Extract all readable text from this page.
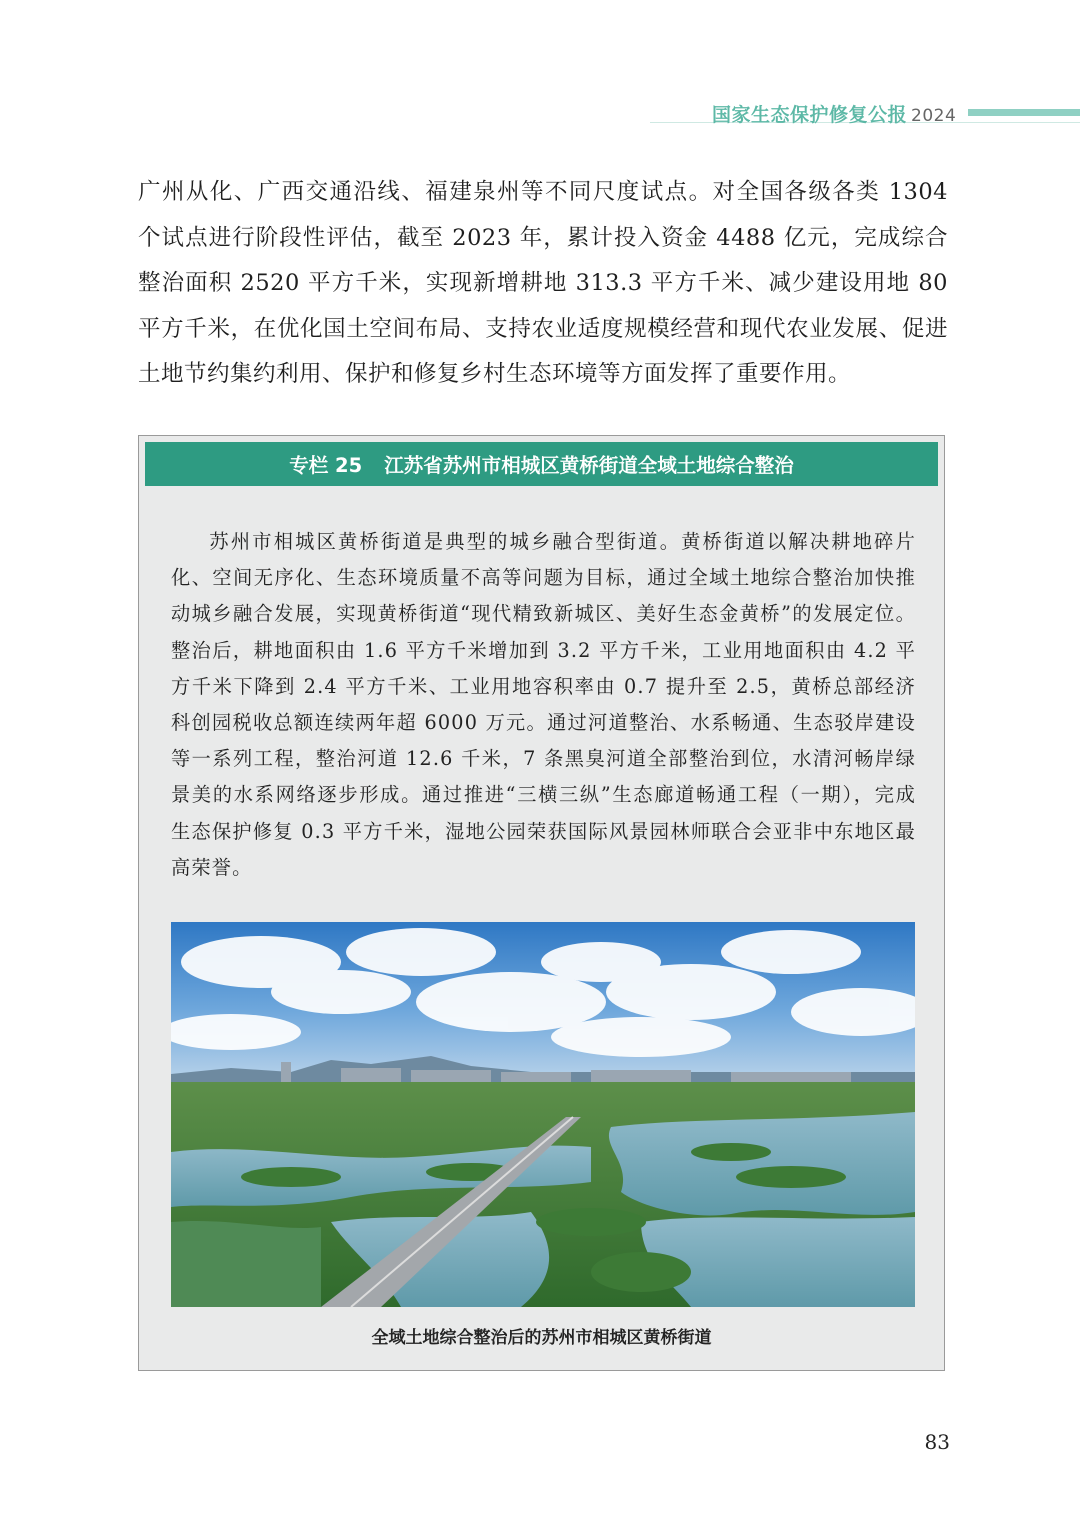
国家生态保护修复公报 2024

广州从化、广西交通沿线、福建泉州等不同尺度试点。对全国各级各类 1304 个试点进行阶段性评估，截至 2023 年，累计投入资金 4488 亿元，完成综合整治面积 2520 平方千米，实现新增耕地 313.3 平方千米、减少建设用地 80 平方千米，在优化国土空间布局、支持农业适度规模经营和现代农业发展、促进土地节约集约利用、保护和修复乡村生态环境等方面发挥了重要作用。

专栏 25 江苏省苏州市相城区黄桥街道全域土地综合整治

苏州市相城区黄桥街道是典型的城乡融合型街道。黄桥街道以解决耕地碎片化、空间无序化、生态环境质量不高等问题为目标，通过全域土地综合整治加快推动城乡融合发展，实现黄桥街道“现代精致新城区、美好生态金黄桥”的发展定位。整治后，耕地面积由 1.6 平方千米增加到 3.2 平方千米，工业用地面积由 4.2 平方千米下降到 2.4 平方千米、工业用地容积率由 0.7 提升至 2.5，黄桥总部经济科创园税收总额连续两年超 6000 万元。通过河道整治、水系畅通、生态驳岸建设等一系列工程，整治河道 12.6 千米，7 条黑臭河道全部整治到位，水清河畅岸绿景美的水系网络逐步形成。通过推进“三横三纵”生态廊道畅通工程（一期），完成生态保护修复 0.3 平方千米，湿地公园荣获国际风景园林师联合会亚非中东地区最高荣誉。

全域土地综合整治后的苏州市相城区黄桥街道
83
